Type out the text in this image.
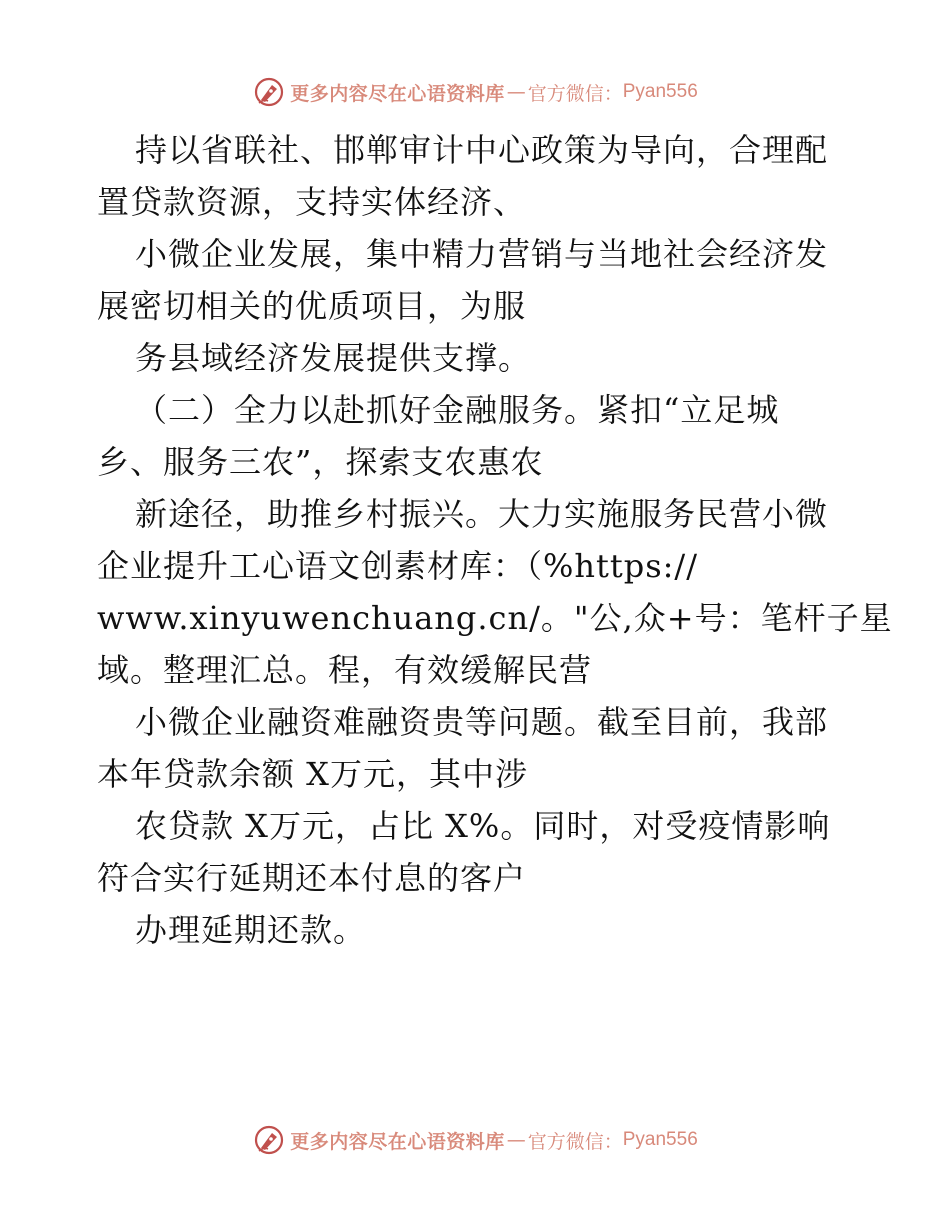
更多内容尽在心语资料库 — 官方微信： Pyan556
持以省联社、邯郸审计中心政策为导向，合理配
置贷款资源，支持实体经济、
小微企业发展，集中精力营销与当地社会经济发
展密切相关的优质项目，为服
务县域经济发展提供支撑。
（二）全力以赴抓好金融服务。紧扣“立足城
乡、服务三农”，探索支农惠农
新途径，助推乡村振兴。大力实施服务民营小微
企业提升工心语文创素材库：（%https://
www.xinyuwenchuang.cn/。"公,众+号：笔杆子星
域。整理汇总。程，有效缓解民营
小微企业融资难融资贵等问题。截至目前，我部
本年贷款余额 X万元，其中涉
农贷款 X万元，占比 X%。同时，对受疫情影响
符合实行延期还本付息的客户
办理延期还款。
更多内容尽在心语资料库 — 官方微信： Pyan556
